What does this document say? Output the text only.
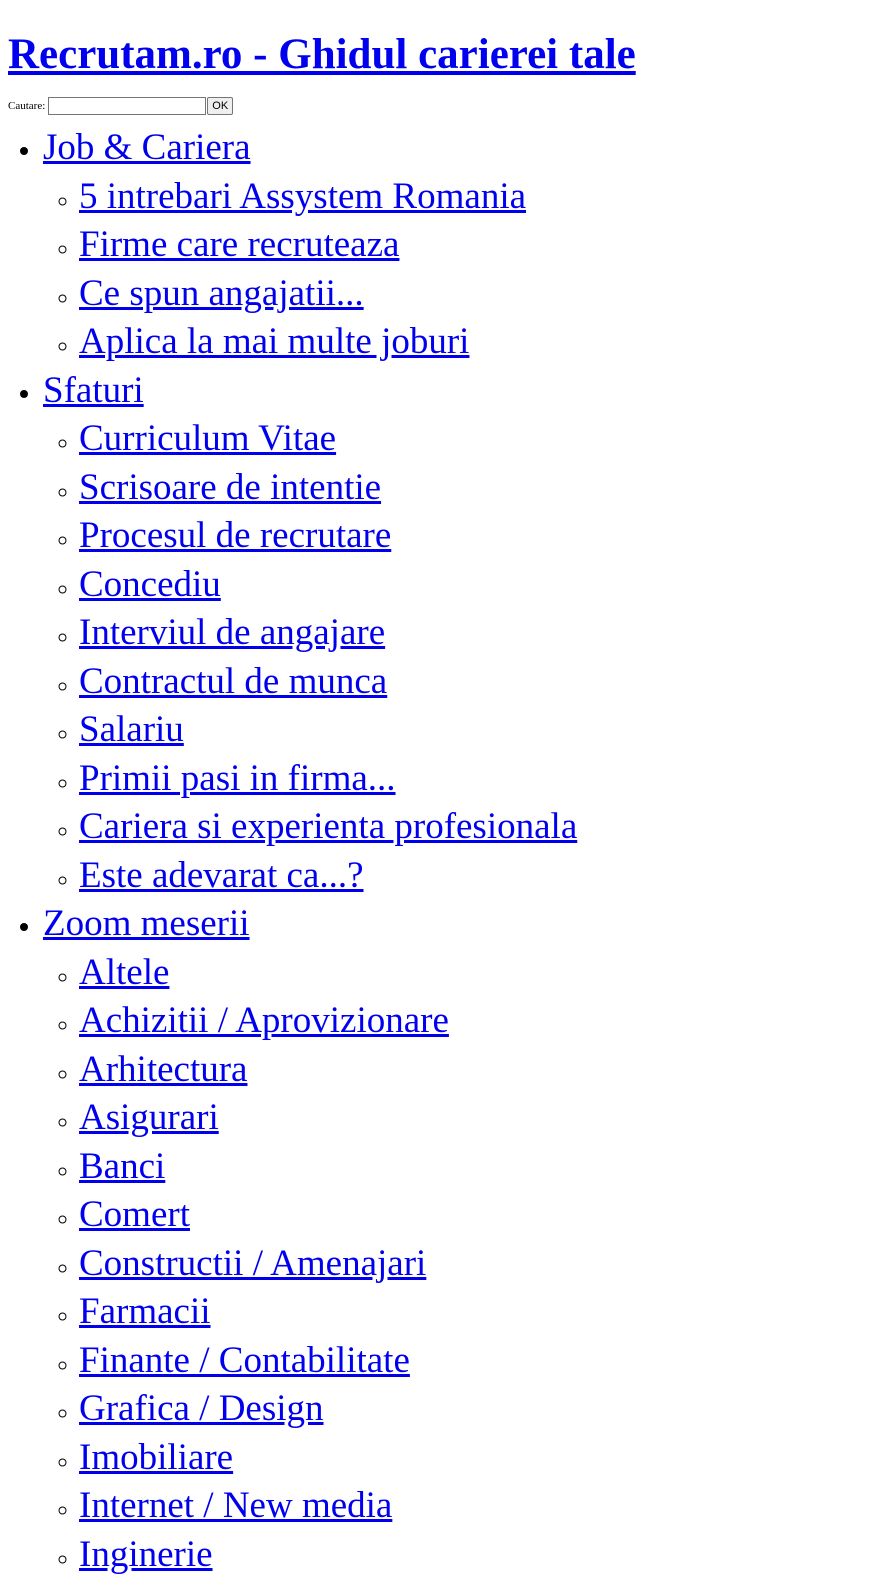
Recrutam.ro - Ghidul carierei tale
Cautare:	OK
• Job & Cariera
◦ 5 intrebari Assystem Romania
◦ Firme care recruteaza
◦ Ce spun angajatii...
◦ Aplica la mai multe joburi
• Sfaturi
◦ Curriculum Vitae
◦ Scrisoare de intentie
◦ Procesul de recrutare
◦ Concediu
◦ Interviul de angajare
◦ Contractul de munca
◦ Salariu
◦ Primii pasi in firma...
◦ Cariera si experienta profesionala
◦ Este adevarat ca...?
• Zoom meserii
◦ Altele
◦ Achizitii / Aprovizionare
◦ Arhitectura
◦ Asigurari
◦ Banci
◦ Comert
◦ Constructii / Amenajari
◦ Farmacii
◦ Finante / Contabilitate
◦ Grafica / Design
◦ Imobiliare
◦ Internet / New media
◦ Inginerie
